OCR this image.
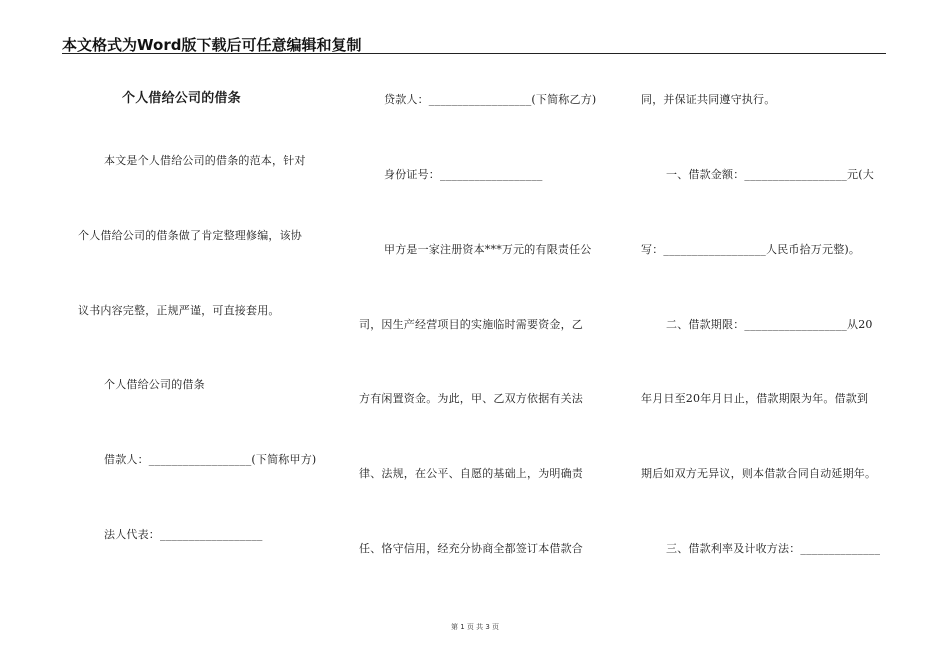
本文格式为Word版下载后可任意编辑和复制
个人借给公司的借条
本文是个人借给公司的借条的范本，针对
个人借给公司的借条做了肯定整理修编，该协
议书内容完整，正规严谨，可直接套用。
个人借给公司的借条
借款人：__________________(下简称甲方)
法人代表：__________________
贷款人：__________________(下简称乙方)
身份证号：__________________
甲方是一家注册资本***万元的有限责任公
司，因生产经营项目的实施临时需要资金，乙
方有闲置资金。为此，甲、乙双方依据有关法
律、法规，在公平、自愿的基础上，为明确责
任、恪守信用，经充分协商全都签订本借款合
同，并保证共同遵守执行。
一、借款金额：__________________元(大
写：__________________人民币拾万元整)。
二、借款期限：__________________从20
年月日至20年月日止，借款期限为年。借款到
期后如双方无异议，则本借款合同自动延期年。
三、借款利率及计收方法：______________
第 1 页 共 3 页
